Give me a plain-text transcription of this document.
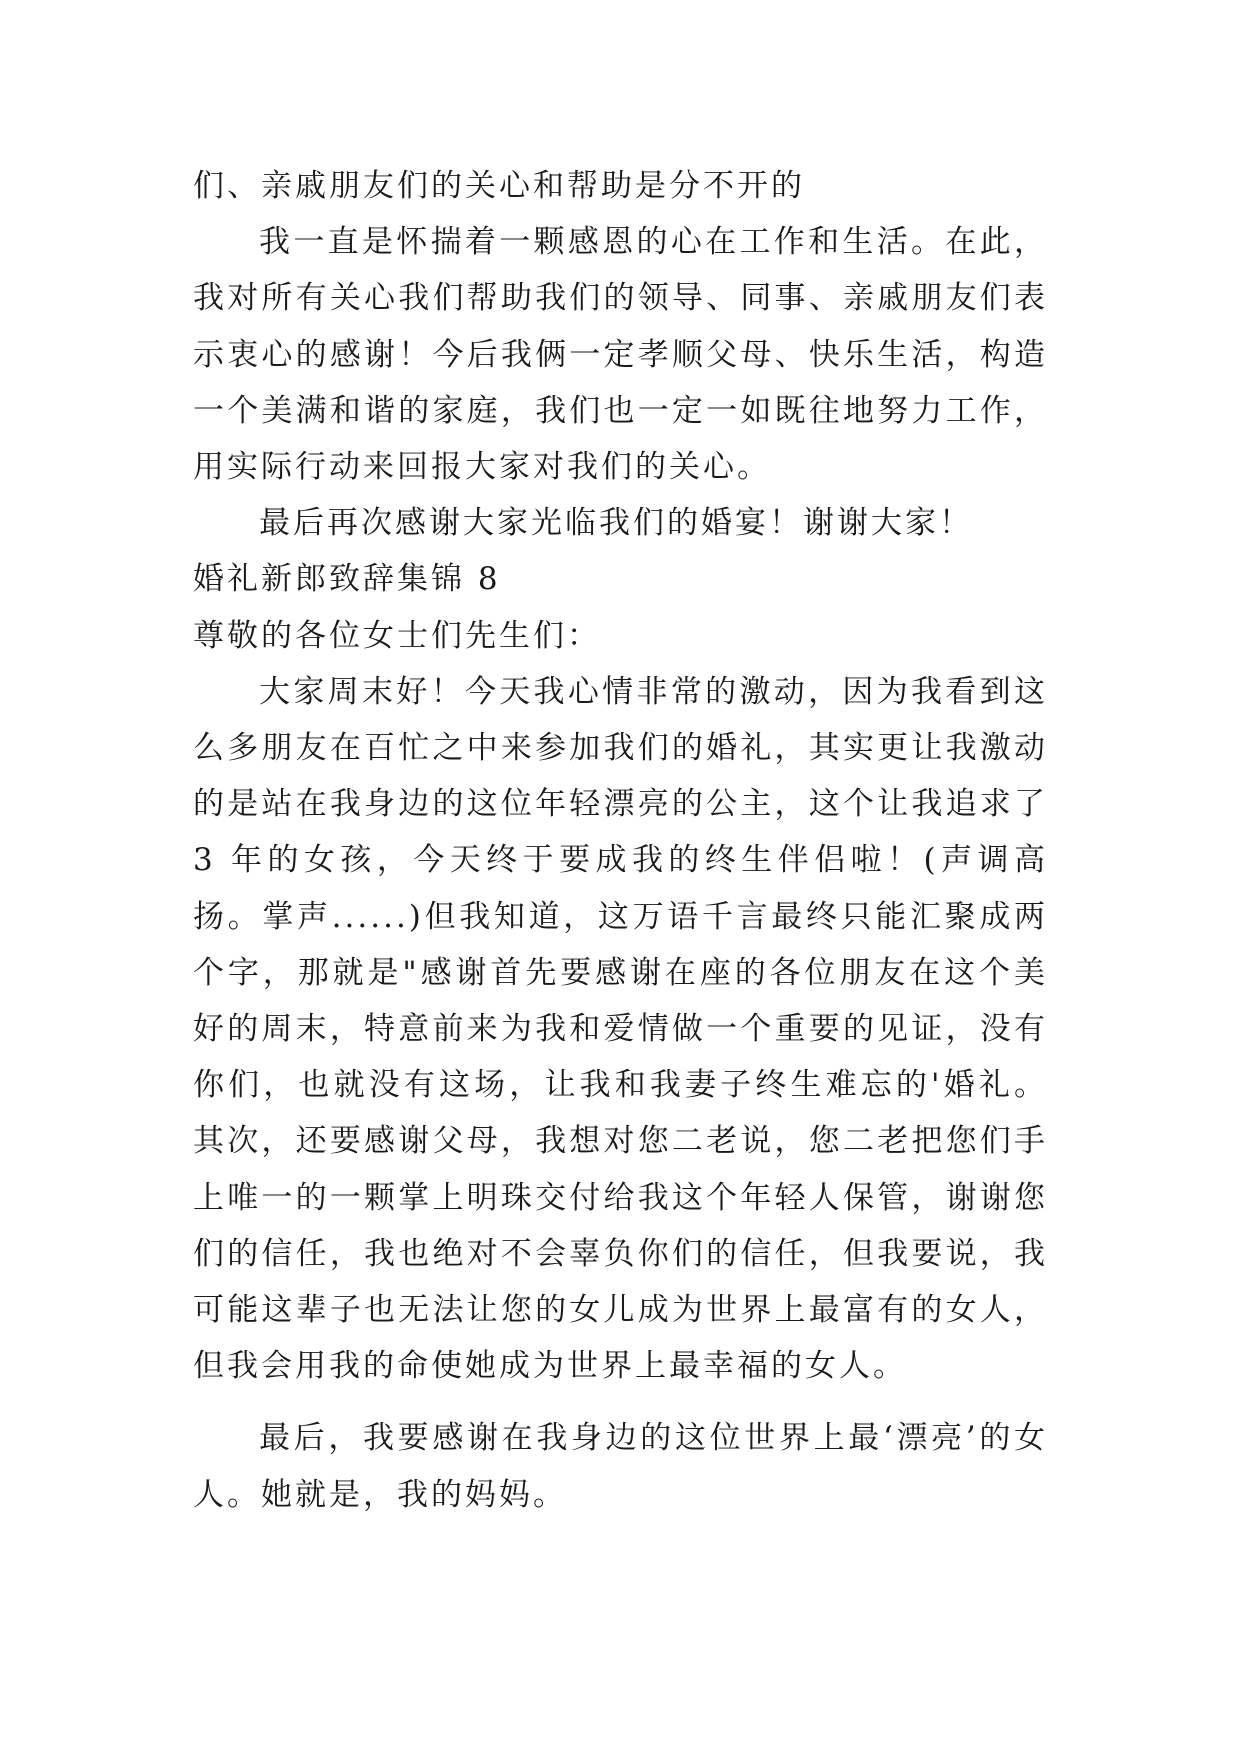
们、亲戚朋友们的关心和帮助是分不开的

我一直是怀揣着一颗感恩的心在工作和生活。在此，我对所有关心我们帮助我们的领导、同事、亲戚朋友们表示衷心的感谢！今后我俩一定孝顺父母、快乐生活，构造一个美满和谐的家庭，我们也一定一如既往地努力工作，用实际行动来回报大家对我们的关心。

最后再次感谢大家光临我们的婚宴！谢谢大家！

婚礼新郎致辞集锦 8

尊敬的各位女士们先生们：

大家周末好！今天我心情非常的激动，因为我看到这么多朋友在百忙之中来参加我们的婚礼，其实更让我激动的是站在我身边的这位年轻漂亮的公主，这个让我追求了 3 年的女孩，今天终于要成我的终生伴侣啦！(声调高扬。掌声......)但我知道，这万语千言最终只能汇聚成两个字，那就是"感谢首先要感谢在座的各位朋友在这个美好的周末，特意前来为我和爱情做一个重要的见证，没有你们，也就没有这场，让我和我妻子终生难忘的'婚礼。其次，还要感谢父母，我想对您二老说，您二老把您们手上唯一的一颗掌上明珠交付给我这个年轻人保管，谢谢您们的信任，我也绝对不会辜负你们的信任，但我要说，我可能这辈子也无法让您的女儿成为世界上最富有的女人，但我会用我的命使她成为世界上最幸福的女人。

最后，我要感谢在我身边的这位世界上最‘漂亮’的女人。她就是，我的妈妈。
